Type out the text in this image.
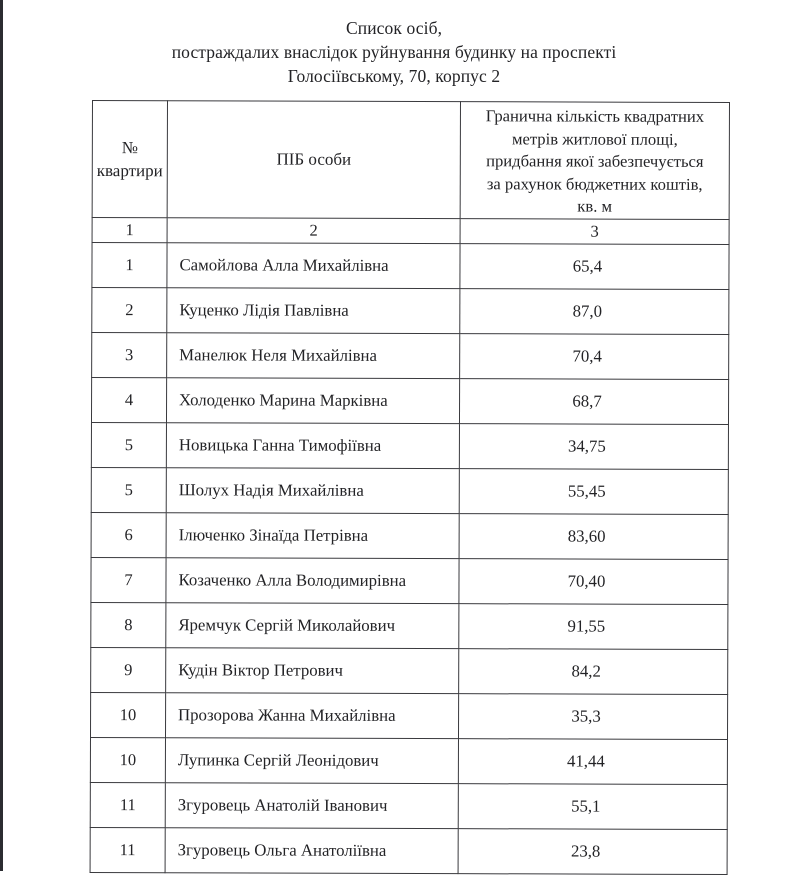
Список осіб,
постраждалих внаслідок руйнування будинку на проспекті
Голосіївському, 70, корпус 2
№
квартири	ПІБ особи	Гранична кількість квадратних
метрів житлової площі,
придбання якої забезпечується
за рахунок бюджетних коштів,
кв. м

1	2	3
1	Самойлова Алла Михайлівна	65,4
2	Куценко Лідія Павлівна	87,0
3	Манелюк Неля Михайлівна	70,4
4	Холоденко Марина Марківна	68,7
5	Новицька Ганна Тимофіївна	34,75
5	Шолух Надія Михайлівна	55,45
6	Ілюченко Зінаїда Петрівна	83,60
7	Козаченко Алла Володимирівна	70,40
8	Яремчук Сергій Миколайович	91,55
9	Кудін Віктор Петрович	84,2
10	Прозорова Жанна Михайлівна	35,3
10	Лупинка Сергій Леонідович	41,44
11	Згуровець Анатолій Іванович	55,1
11	Згуровець Ольга Анатоліївна	23,8
